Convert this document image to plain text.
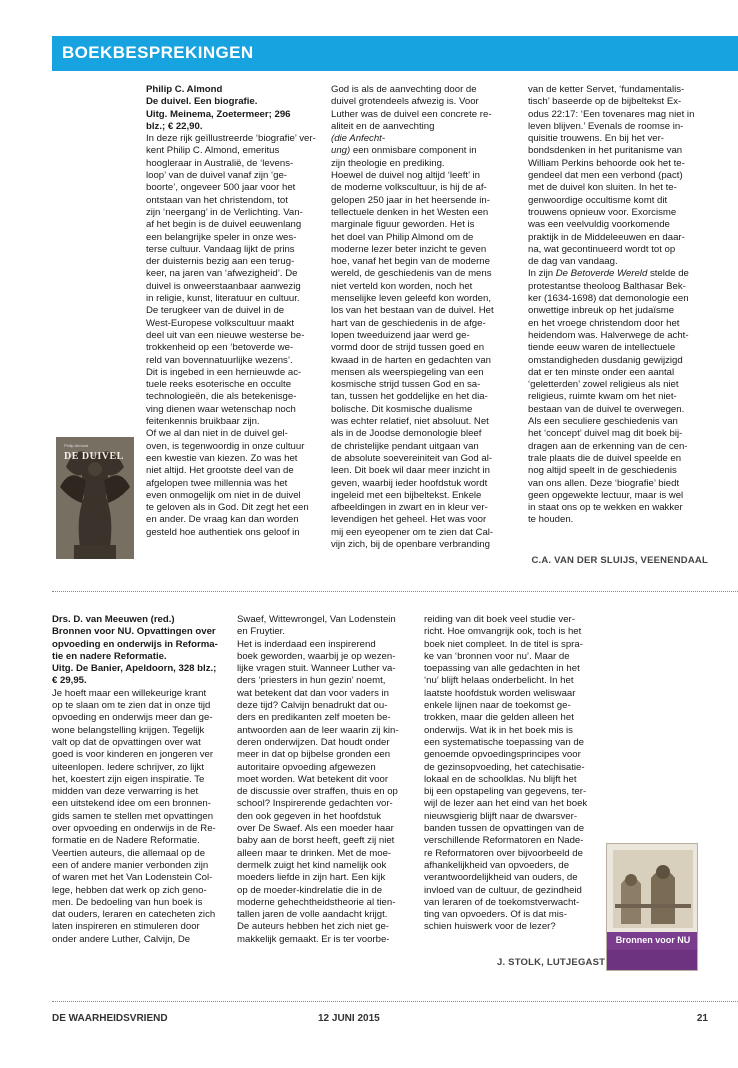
BOEKBESPREKINGEN
Philip Almond
DE DUIVEL

Philip C. Almond

De duivel. Een biografie.

Uitg. Meinema, Zoetermeer; 296

blz.; € 22,90.

In deze rijk geïllustreerde ‘biografie’ ver-

kent Philip C. Almond, emeritus

hoogleraar in Australië, de ‘levens-

loop’ van de duivel vanaf zijn ‘ge-

boorte’, ongeveer 500 jaar voor het

ontstaan van het christendom, tot

zijn ‘neergang’ in de Verlichting. Van-

af het begin is de duivel eeuwenlang

een belangrijke speler in onze wes-

terse cultuur. Vandaag lijkt de prins

der duisternis bezig aan een terug-

keer, na jaren van ‘afwezigheid’. De

duivel is onweerstaanbaar aanwezig

in religie, kunst, literatuur en cultuur.

De terugkeer van de duivel in de

West-Europese volkscultuur maakt

deel uit van een nieuwe westerse be-

trokkenheid op een ‘betoverde we-

reld van bovennatuurlijke wezens’.

Dit is ingebed in een hernieuwde ac-

tuele reeks esoterische en occulte

technologieën, die als betekenisge-

ving dienen waar wetenschap noch

feitenkennis bruikbaar zijn.

Of we al dan niet in de duivel gel-

oven, is tegenwoordig in onze cultuur

een kwestie van kiezen. Zo was het

niet altijd. Het grootste deel van de

afgelopen twee millennia was het

even onmogelijk om niet in de duivel

te geloven als in God. Dit zegt het een

en ander. De vraag kan dan worden

gesteld hoe authentiek ons geloof in

God is als de aanvechting door de

duivel grotendeels afwezig is. Voor

Luther was de duivel een concrete re-

aliteit en de aanvechting

(die Anfecht-

ung) een onmisbare component in

zijn theologie en prediking.

Hoewel de duivel nog altijd ‘leeft’ in

de moderne volkscultuur, is hij de af-

gelopen 250 jaar in het heersende in-

tellectuele denken in het Westen een

marginale figuur geworden. Het is

het doel van Philip Almond om de

moderne lezer beter inzicht te geven

hoe, vanaf het begin van de moderne

wereld, de geschiedenis van de mens

niet verteld kon worden, noch het

menselijke leven geleefd kon worden,

los van het bestaan van de duivel. Het

hart van de geschiedenis in de afge-

lopen tweeduizend jaar werd ge-

vormd door de strijd tussen goed en

kwaad in de harten en gedachten van

mensen als weerspiegeling van een

kosmische strijd tussen God en sa-

tan, tussen het goddelijke en het dia-

bolische. Dit kosmische dualisme

was echter relatief, niet absoluut. Net

als in de Joodse demonologie bleef

de christelijke pendant uitgaan van

de absolute soevereiniteit van God al-

leen. Dit boek wil daar meer inzicht in

geven, waarbij ieder hoofdstuk wordt

ingeleid met een bijbeltekst. Enkele

afbeeldingen in zwart en in kleur ver-

levendigen het geheel. Het was voor

mij een eyeopener om te zien dat Cal-

vijn zich, bij de openbare verbranding

van de ketter Servet, ‘fundamentalis-

tisch’ baseerde op de bijbeltekst Ex-

odus 22:17: ‘Een tovenares mag niet in

leven blijven.’ Evenals de roomse in-

quisitie trouwens. En bij het ver-

bondsdenken in het puritanisme van

William Perkins behoorde ook het te-

gendeel dat men een verbond (pact)

met de duivel kon sluiten. In het te-

genwoordige occultisme komt dit

trouwens opnieuw voor. Exorcisme

was een veelvuldig voorkomende

praktijk in de Middeleeuwen en daar-

na, wat gecontinueerd wordt tot op

de dag van vandaag.

In zijn De Betoverde Wereld stelde de

protestantse theoloog Balthasar Bek-

ker (1634-1698) dat demonologie een

onwettige inbreuk op het judaïsme

en het vroege christendom door het

heidendom was. Halverwege de acht-

tiende eeuw waren de intellectuele

omstandigheden dusdanig gewijzigd

dat er ten minste onder een aantal

‘geletterden’ zowel religieus als niet

religieus, ruimte kwam om het niet-

bestaan van de duivel te overwegen.

Als een seculiere geschiedenis van

het ‘concept’ duivel mag dit boek bij-

dragen aan de erkenning van de cen-

trale plaats die de duivel speelde en

nog altijd speelt in de geschiedenis

van ons allen. Deze ‘biografie’ biedt

geen opgewekte lectuur, maar is wel

in staat ons op te wekken en wakker

te houden.

C.A. VAN DER SLUIJS, VEENENDAAL

Drs. D. van Meeuwen (red.)

Bronnen voor NU. Opvattingen over

opvoeding en onderwijs in Reforma-

tie en nadere Reformatie.

Uitg. De Banier, Apeldoorn, 328 blz.;

€ 29,95.

Je hoeft maar een willekeurige krant

op te slaan om te zien dat in onze tijd

opvoeding en onderwijs meer dan ge-

wone belangstelling krijgen. Tegelijk

valt op dat de opvattingen over wat

goed is voor kinderen en jongeren ver

uiteenlopen. Iedere schrijver, zo lijkt

het, koestert zijn eigen inspiratie. Te

midden van deze verwarring is het

een uitstekend idee om een bronnen-

gids samen te stellen met opvattingen

over opvoeding en onderwijs in de Re-

formatie en de Nadere Reformatie.

Veertien auteurs, die allemaal op de

een of andere manier verbonden zijn

of waren met het Van Lodenstein Col-

lege, hebben dat werk op zich geno-

men. De bedoeling van hun boek is

dat ouders, leraren en catecheten zich

laten inspireren en stimuleren door

onder andere Luther, Calvijn, De

Swaef, Wittewrongel, Van Lodenstein

en Fruytier.

Het is inderdaad een inspirerend

boek geworden, waarbij je op wezen-

lijke vragen stuit. Wanneer Luther va-

ders ‘priesters in hun gezin’ noemt,

wat betekent dat dan voor vaders in

deze tijd? Calvijn benadrukt dat ou-

ders en predikanten zelf moeten be-

antwoorden aan de leer waarin zij kin-

deren onderwijzen. Dat houdt onder

meer in dat op bijbelse gronden een

autoritaire opvoeding afgewezen

moet worden. Wat betekent dit voor

de discussie over straffen, thuis en op

school? Inspirerende gedachten vor-

den ook gegeven in het hoofdstuk

over De Swaef. Als een moeder haar

baby aan de borst heeft, geeft zij niet

alleen maar te drinken. Met de moe-

dermelk zuigt het kind namelijk ook

moeders liefde in zijn hart. Een kijk

op de moeder-kindrelatie die in de

moderne gehechtheidstheorie al tien-

tallen jaren de volle aandacht krijgt.

De auteurs hebben het zich niet ge-

makkelijk gemaakt. Er is ter voorbe-

reiding van dit boek veel studie ver-

richt. Hoe omvangrijk ook, toch is het

boek niet compleet. In de titel is spra-

ke van ‘bronnen voor nu’. Maar de

toepassing van alle gedachten in het

‘nu’ blijft helaas onderbelicht. In het

laatste hoofdstuk worden weliswaar

enkele lijnen naar de toekomst ge-

trokken, maar die gelden alleen het

onderwijs. Wat ik in het boek mis is

een systematische toepassing van de

genoemde opvoedingsprincipes voor

de gezinsopvoeding, het catechisatie-

lokaal en de schoolklas. Nu blijft het

bij een opstapeling van gegevens, ter-

wijl de lezer aan het eind van het boek

nieuwsgierig blijft naar de dwarsver-

banden tussen de opvattingen van de

verschillende Reformatoren en Nade-

re Reformatoren over bijvoorbeeld de

afhankelijkheid van opvoeders, de

verantwoordelijkheid van ouders, de

invloed van de cultuur, de gezindheid

van leraren of de toekomstverwacht-

ting van opvoeders. Of is dat mis-

schien huiswerk voor de lezer?

J. STOLK, LUTJEGAST
Bronnen voor NU
DE WAARHEIDSVRIEND	12 JUNI 2015	21
